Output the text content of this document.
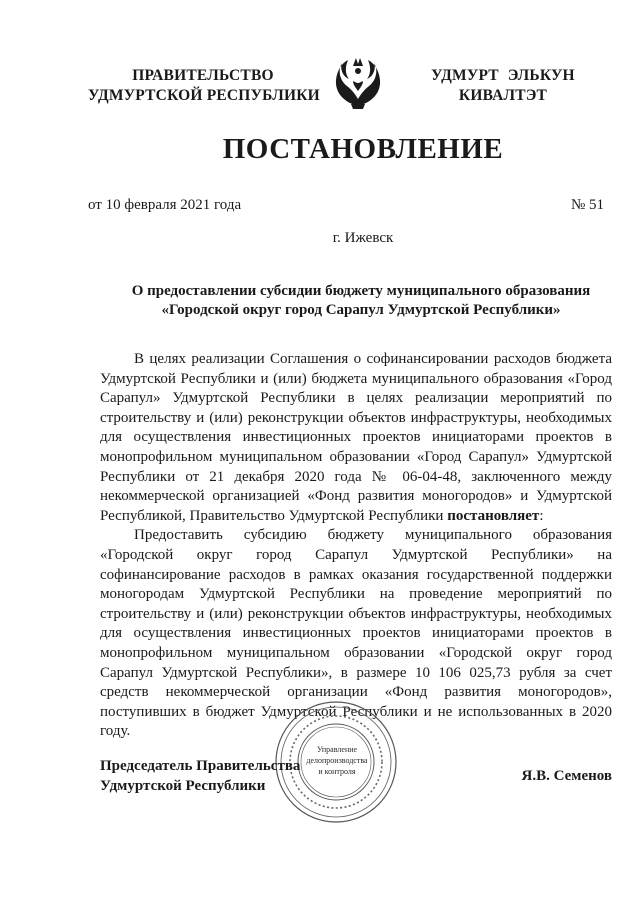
ПРАВИТЕЛЬСТВО
УДМУРТСКОЙ РЕСПУБЛИКИ
УДМУРТ ЭЛЬКУН
КИВАЛТЭТ
ПОСТАНОВЛЕНИЕ
от 10 февраля 2021 года	№ 51
г. Ижевск
О предоставлении субсидии бюджету муниципального образования
«Городской округ город Сарапул Удмуртской Республики»

В целях реализации Соглашения о софинансировании расходов бюджета Удмуртской Республики и (или) бюджета муниципального образования «Город Сарапул» Удмуртской Республики в целях реализации мероприятий по строительству и (или) реконструкции объектов инфраструктуры, необходимых для осуществления инвестиционных проектов инициаторами проектов в монопрофильном муниципальном образовании «Город Сарапул» Удмуртской Республики от 21 декабря 2020 года № 06-04-48, заключенного между некоммерческой организацией «Фонд развития моногородов» и Удмуртской Республикой, Правительство Удмуртской Республики постановляет:

Предоставить субсидию бюджету муниципального образования «Городской округ город Сарапул Удмуртской Республики» на софинансирование расходов в рамках оказания государственной поддержки моногородам Удмуртской Республики на проведение мероприятий по строительству и (или) реконструкции объектов инфраструктуры, необходимых для осуществления инвестиционных проектов инициаторами проектов в монопрофильном муниципальном образовании «Городской округ город Сарапул Удмуртской Республики», в размере 10 106 025,73 рубля за счет средств некоммерческой организации «Фонд развития моногородов», поступивших в бюджет Удмуртской Республики и не использованных в 2020 году.

Управление
делопроизводства
и контроля
Председатель Правительства
Удмуртской Республики
Я.В. Семенов
